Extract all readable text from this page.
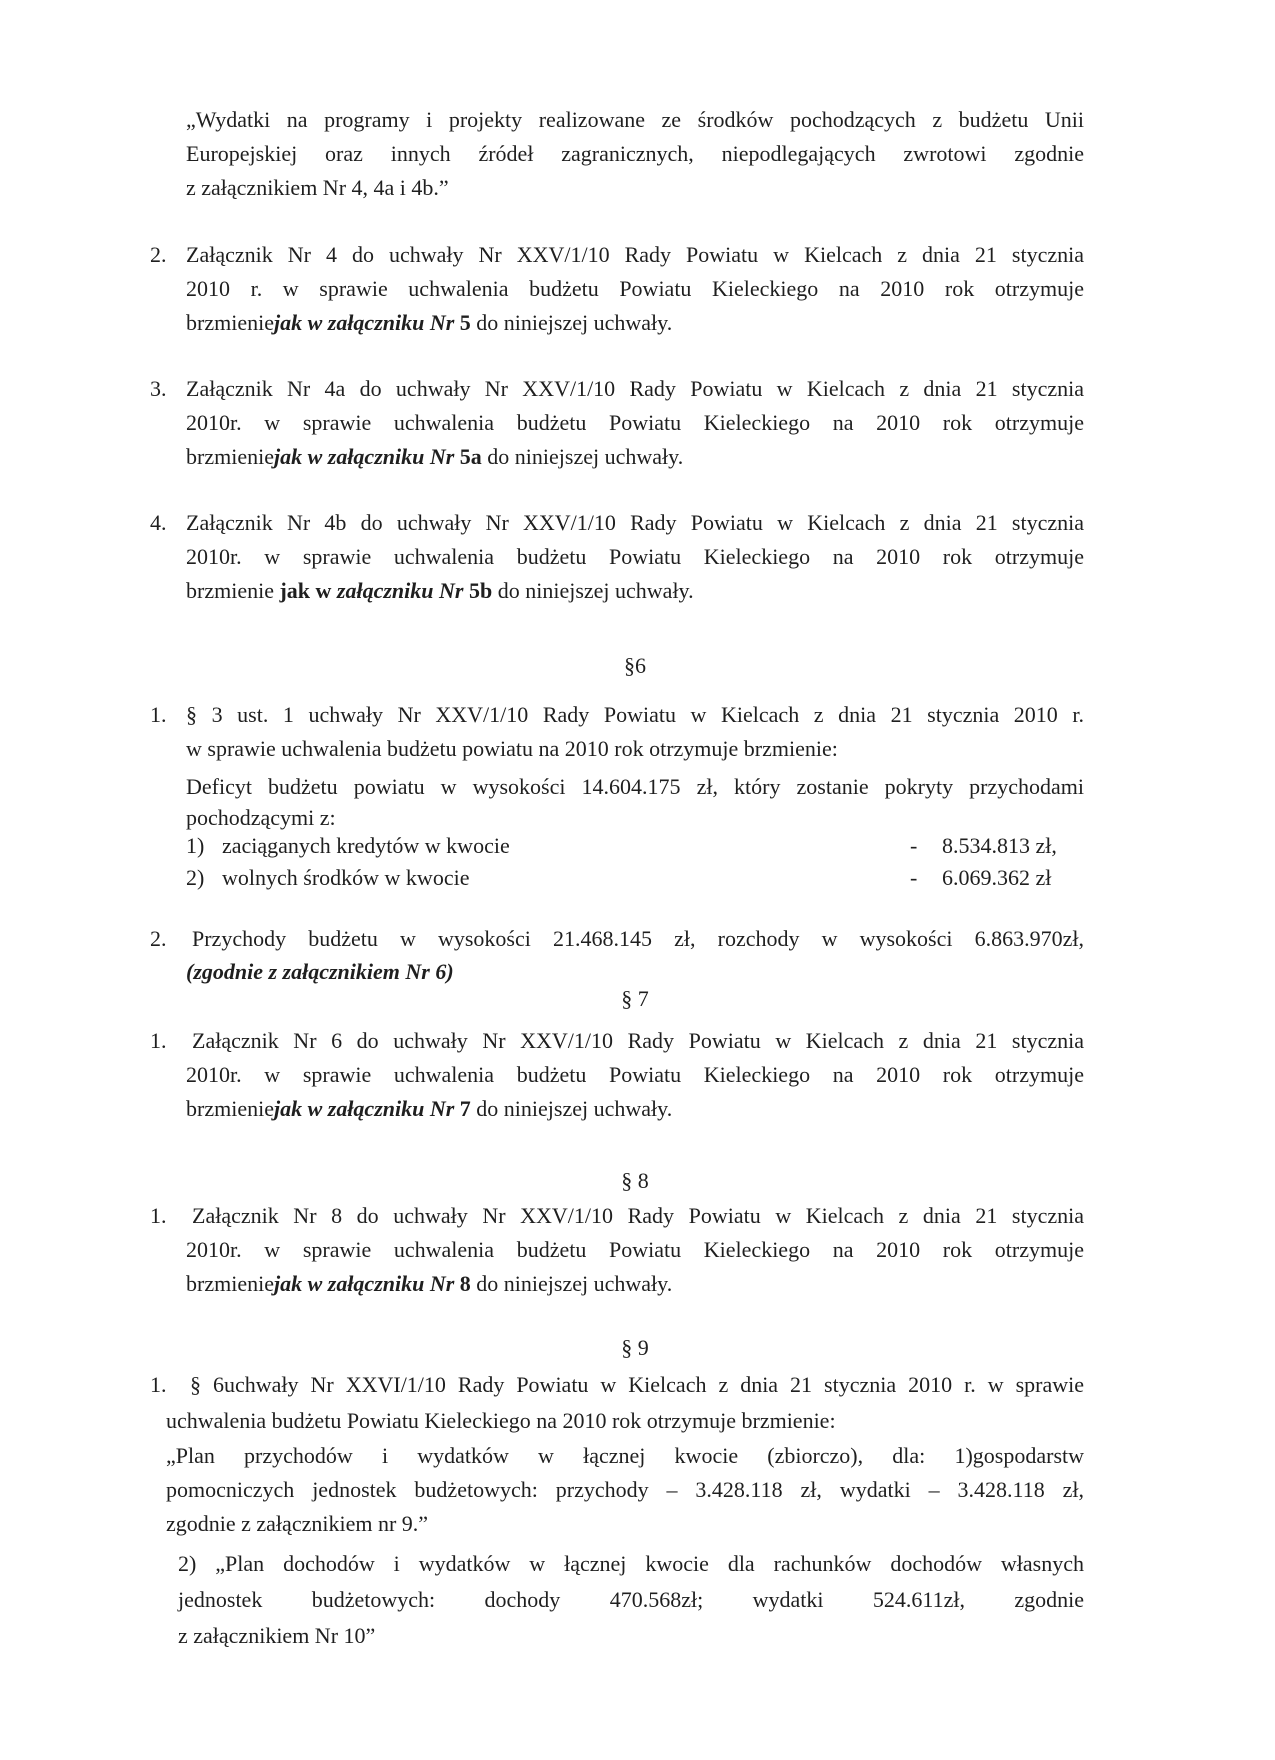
„Wydatki na programy i projekty realizowane ze środków pochodzących z budżetu Unii
Europejskiej oraz innych źródeł zagranicznych, niepodlegających zwrotowi zgodnie
z załącznikiem Nr 4, 4a i 4b.”
2. Załącznik Nr 4 do uchwały Nr XXV/1/10 Rady Powiatu w Kielcach z dnia 21 stycznia
2010 r. w sprawie uchwalenia budżetu Powiatu Kieleckiego na 2010 rok otrzymuje
brzmieniejak w załączniku Nr 5 do niniejszej uchwały.
3. Załącznik Nr 4a do uchwały Nr XXV/1/10 Rady Powiatu w Kielcach z dnia 21 stycznia
2010r. w sprawie uchwalenia budżetu Powiatu Kieleckiego na 2010 rok otrzymuje
brzmieniejak w załączniku Nr 5a do niniejszej uchwały.
4. Załącznik Nr 4b do uchwały Nr XXV/1/10 Rady Powiatu w Kielcach z dnia 21 stycznia
2010r. w sprawie uchwalenia budżetu Powiatu Kieleckiego na 2010 rok otrzymuje
brzmienie jak w załączniku Nr 5b do niniejszej uchwały.
§6
1. § 3 ust. 1 uchwały Nr XXV/1/10 Rady Powiatu w Kielcach z dnia 21 stycznia 2010 r.
w sprawie uchwalenia budżetu powiatu na 2010 rok otrzymuje brzmienie:
Deficyt budżetu powiatu w wysokości 14.604.175 zł, który zostanie pokryty przychodami
pochodzącymi z:
1) zaciąganych kredytów w kwocie	- 8.534.813 zł,
2) wolnych środków w kwocie	- 6.069.362 zł
2. Przychody budżetu w wysokości 21.468.145 zł, rozchody w wysokości 6.863.970zł,
(zgodnie z załącznikiem Nr 6)
§ 7
1. Załącznik Nr 6 do uchwały Nr XXV/1/10 Rady Powiatu w Kielcach z dnia 21 stycznia
2010r. w sprawie uchwalenia budżetu Powiatu Kieleckiego na 2010 rok otrzymuje
brzmieniejak w załączniku Nr 7 do niniejszej uchwały.
§ 8
1. Załącznik Nr 8 do uchwały Nr XXV/1/10 Rady Powiatu w Kielcach z dnia 21 stycznia
2010r. w sprawie uchwalenia budżetu Powiatu Kieleckiego na 2010 rok otrzymuje
brzmieniejak w załączniku Nr 8 do niniejszej uchwały.
§ 9
1. § 6uchwały Nr XXVI/1/10 Rady Powiatu w Kielcach z dnia 21 stycznia 2010 r. w sprawie
uchwalenia budżetu Powiatu Kieleckiego na 2010 rok otrzymuje brzmienie:
„Plan przychodów i wydatków w łącznej kwocie (zbiorczo), dla: 1)gospodarstw
pomocniczych jednostek budżetowych: przychody – 3.428.118 zł, wydatki – 3.428.118 zł,
zgodnie z załącznikiem nr 9.”
2) „Plan dochodów i wydatków w łącznej kwocie dla rachunków dochodów własnych
jednostek budżetowych: dochody 470.568zł; wydatki 524.611zł, zgodnie
z załącznikiem Nr 10”
